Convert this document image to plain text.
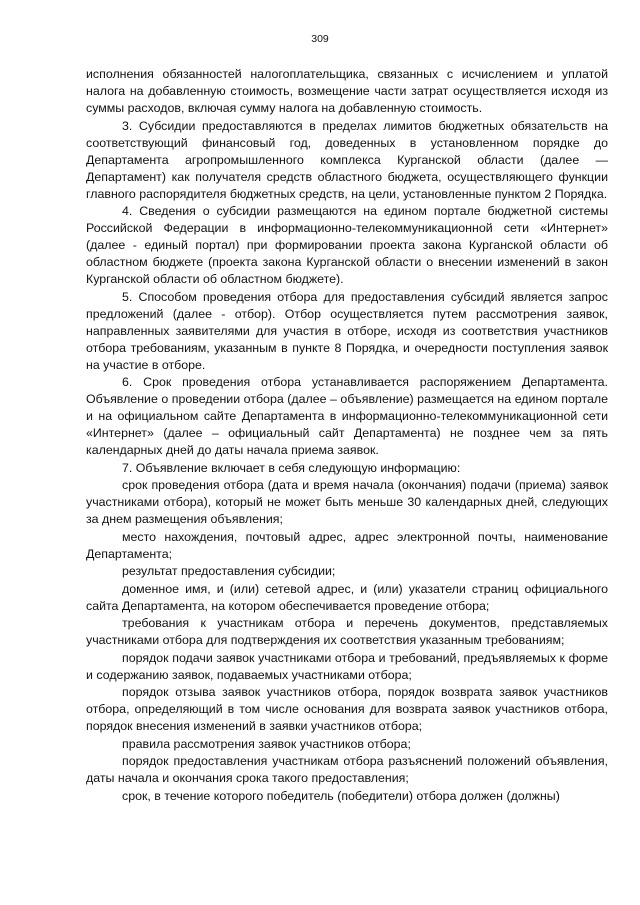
309

исполнения обязанностей налогоплательщика, связанных с исчислением и уплатой налога на добавленную стоимость, возмещение части затрат осуществляется исходя из суммы расходов, включая сумму налога на добавленную стоимость.

3. Субсидии предоставляются в пределах лимитов бюджетных обязательств на соответствующий финансовый год, доведенных в установленном порядке до Департамента агропромышленного комплекса Курганской области (далее — Департамент) как получателя средств областного бюджета, осуществляющего функции главного распорядителя бюджетных средств, на цели, установленные пунктом 2 Порядка.

4. Сведения о субсидии размещаются на едином портале бюджетной системы Российской Федерации в информационно-телекоммуникационной сети «Интернет» (далее - единый портал) при формировании проекта закона Курганской области об областном бюджете (проекта закона Курганской области о внесении изменений в закон Курганской области об областном бюджете).

5. Способом проведения отбора для предоставления субсидий является запрос предложений (далее - отбор). Отбор осуществляется путем рассмотрения заявок, направленных заявителями для участия в отборе, исходя из соответствия участников отбора требованиям, указанным в пункте 8 Порядка, и очередности поступления заявок на участие в отборе.

6. Срок проведения отбора устанавливается распоряжением Департамента. Объявление о проведении отбора (далее – объявление) размещается на едином портале и на официальном сайте Департамента в информационно-телекоммуникационной сети «Интернет» (далее – официальный сайт Департамента) не позднее чем за пять календарных дней до даты начала приема заявок.

7. Объявление включает в себя следующую информацию:

срок проведения отбора (дата и время начала (окончания) подачи (приема) заявок участниками отбора), который не может быть меньше 30 календарных дней, следующих за днем размещения объявления;

место нахождения, почтовый адрес, адрес электронной почты, наименование Департамента;

результат предоставления субсидии;

доменное имя, и (или) сетевой адрес, и (или) указатели страниц официального сайта Департамента, на котором обеспечивается проведение отбора;

требования к участникам отбора и перечень документов, представляемых участниками отбора для подтверждения их соответствия указанным требованиям;

порядок подачи заявок участниками отбора и требований, предъявляемых к форме и содержанию заявок, подаваемых участниками отбора;

порядок отзыва заявок участников отбора, порядок возврата заявок участников отбора, определяющий в том числе основания для возврата заявок участников отбора, порядок внесения изменений в заявки участников отбора;

правила рассмотрения заявок участников отбора;

порядок предоставления участникам отбора разъяснений положений объявления, даты начала и окончания срока такого предоставления;

срок, в течение которого победитель (победители) отбора должен (должны)
